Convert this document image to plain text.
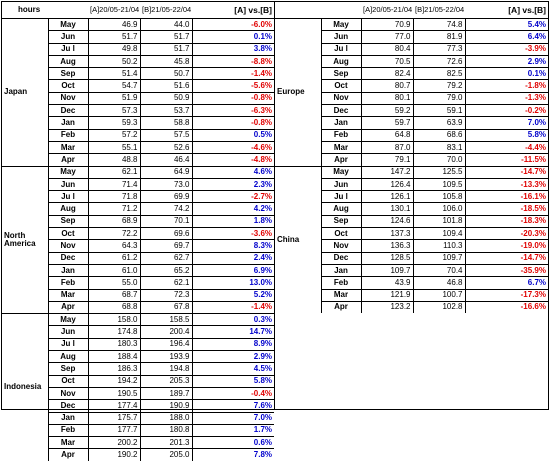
hours		[A]20/05-21/04	[B]21/05-22/04	[A] vs.[B]
Japan	May	46.9	44.0	-6.0%
	Jun	51.7	51.7	0.1%
	Ju l	49.8	51.7	3.8%
	Aug	50.2	45.8	-8.8%
	Sep	51.4	50.7	-1.4%
	Oct	54.7	51.6	-5.6%
	Nov	51.9	50.9	-0.8%
	Dec	57.3	53.7	-6.3%
	Jan	59.3	58.8	-0.8%
	Feb	57.2	57.5	0.5%
	Mar	55.1	52.6	-4.6%
	Apr	48.8	46.4	-4.8%
North America	May	62.1	64.9	4.6%
	Jun	71.4	73.0	2.3%
	Ju l	71.8	69.9	-2.7%
	Aug	71.2	74.2	4.2%
	Sep	68.9	70.1	1.8%
	Oct	72.2	69.6	-3.6%
	Nov	64.3	69.7	8.3%
	Dec	61.2	62.7	2.4%
	Jan	61.0	65.2	6.9%
	Feb	55.0	62.1	13.0%
	Mar	68.7	72.3	5.2%
	Apr	68.8	67.8	-1.4%
Indonesia	May	158.0	158.5	0.3%
	Jun	174.8	200.4	14.7%
	Ju l	180.3	196.4	8.9%
	Aug	188.4	193.9	2.9%
	Sep	186.3	194.8	4.5%
	Oct	194.2	205.3	5.8%
	Nov	190.5	189.7	-0.4%
	Dec	177.4	190.9	7.6%
	Jan	175.7	188.0	7.0%
	Feb	177.7	180.8	1.7%
	Mar	200.2	201.3	0.6%
	Apr	190.2	205.0	7.8%
		[A]20/05-21/04	[B]21/05-22/04	[A] vs.[B]
Europe	May	70.9	74.8	5.4%
	Jun	77.0	81.9	6.4%
	Ju l	80.4	77.3	-3.9%
	Aug	70.5	72.6	2.9%
	Sep	82.4	82.5	0.1%
	Oct	80.7	79.2	-1.8%
	Nov	80.1	79.0	-1.3%
	Dec	59.2	59.1	-0.2%
	Jan	59.7	63.9	7.0%
	Feb	64.8	68.6	5.8%
	Mar	87.0	83.1	-4.4%
	Apr	79.1	70.0	-11.5%
China	May	147.2	125.5	-14.7%
	Jun	126.4	109.5	-13.3%
	Ju l	126.1	105.8	-16.1%
	Aug	130.1	106.0	-18.5%
	Sep	124.6	101.8	-18.3%
	Oct	137.3	109.4	-20.3%
	Nov	136.3	110.3	-19.0%
	Dec	128.5	109.7	-14.7%
	Jan	109.7	70.4	-35.9%
	Feb	43.9	46.8	6.7%
	Mar	121.9	100.7	-17.3%
	Apr	123.2	102.8	-16.6%
